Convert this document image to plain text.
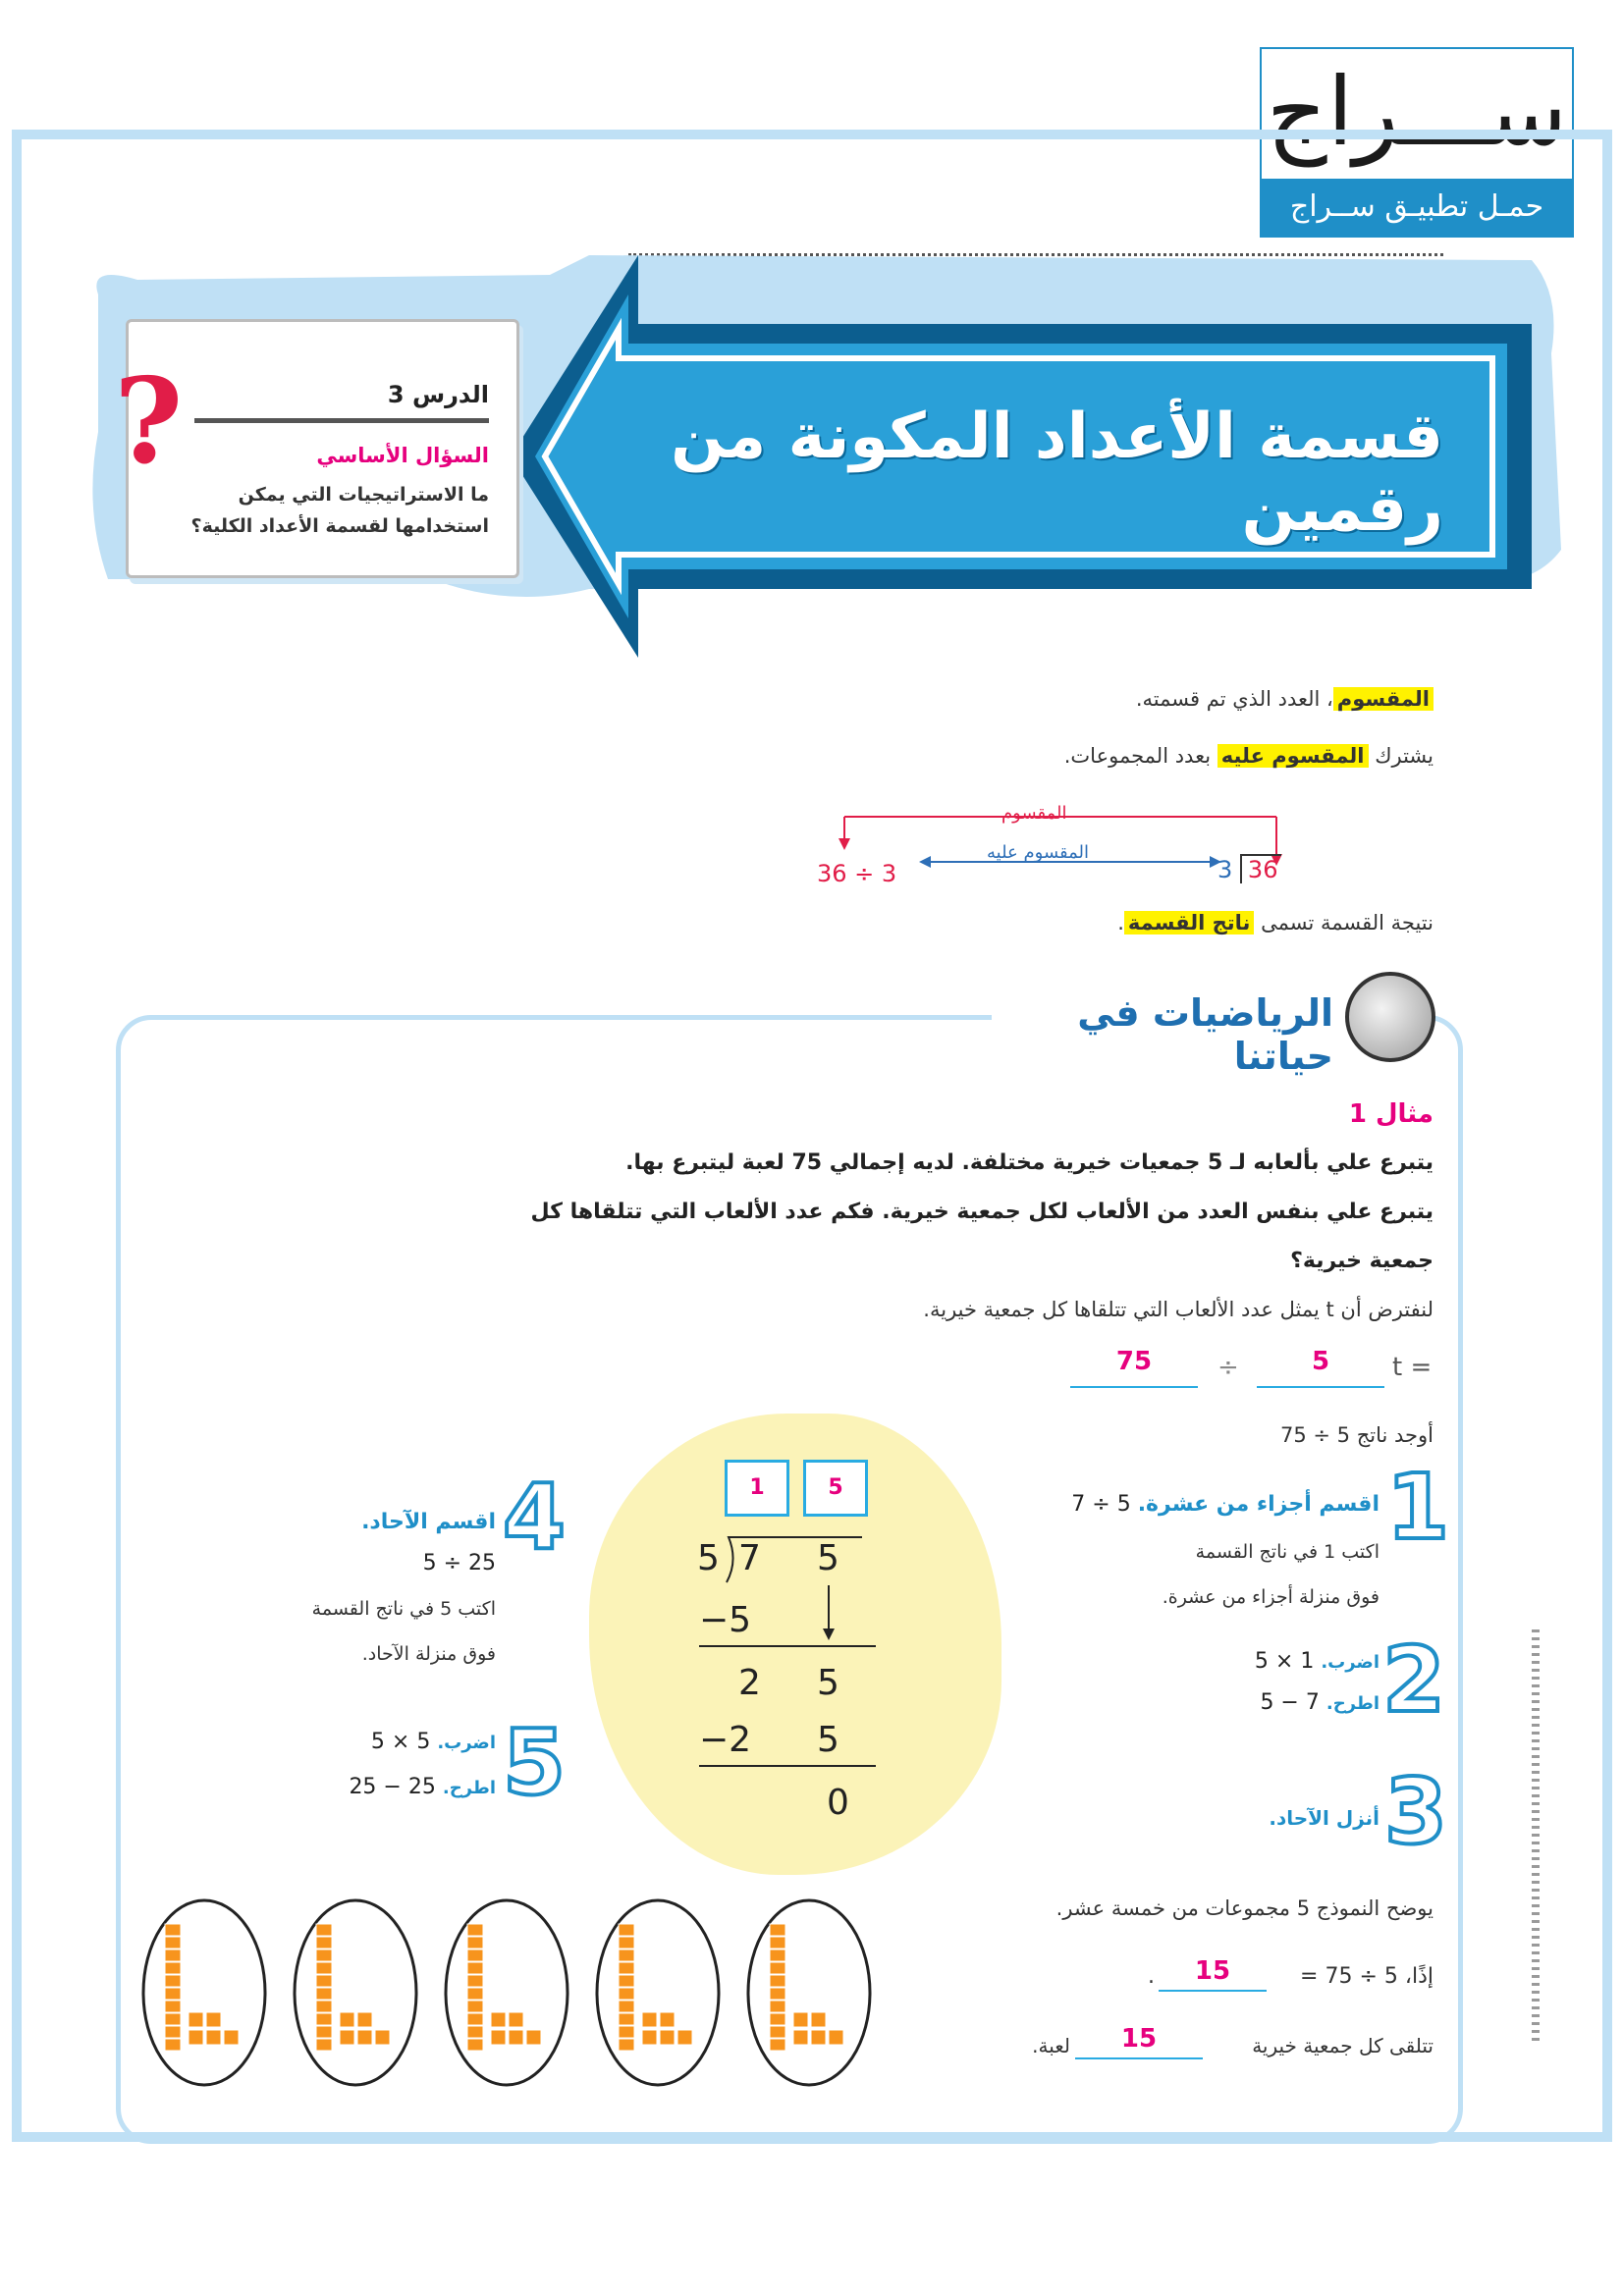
ســـراج
حمـل تطبيـق ســراج
الدرس 3
السؤال الأساسي
ما الاستراتيجيات التي يمكن استخدامها لقسمة الأعداد الكلية؟
?	قسمة الأعداد المكونة من رقمين
المقسوم، العدد الذي تم قسمته.
يشترك المقسوم عليه بعدد المجموعات.
المقسوم
المقسوم عليه
36 ÷ 3	3 36
نتيجة القسمة تسمى ناتج القسمة.
الرياضيات في حياتنا
مثال 1
يتبرع علي بألعابه لـ 5 جمعيات خيرية مختلفة. لديه إجمالي 75 لعبة ليتبرع بها.
يتبرع علي بنفس العدد من الألعاب لكل جمعية خيرية. فكم عدد الألعاب التي تتلقاها كل
جمعية خيرية؟
لنفترض أن t يمثل عدد الألعاب التي تتلقاها كل جمعية خيرية.
5
÷
75	t =
أوجد ناتج 5 ÷ 75
1	5
5 7 5
−5
2 5
−2 5
0
1
اقسم أجزاء من عشرة. 5 ÷ 7
اكتب 1 في ناتج القسمة
فوق منزلة أجزاء من عشرة.
2
اضرب. 1 × 5
اطرح. 7 − 5
3
أنزل الآحاد.
4
اقسم الآحاد.
25 ÷ 5
اكتب 5 في ناتج القسمة
فوق منزلة الآحاد.
5
اضرب. 5 × 5
اطرح. 25 − 25
يوضح النموذج 5 مجموعات من خمسة عشر.
إذًا، 5 ÷ 75 =
15
.
تتلقى كل جمعية خيرية
15
لعبة.
